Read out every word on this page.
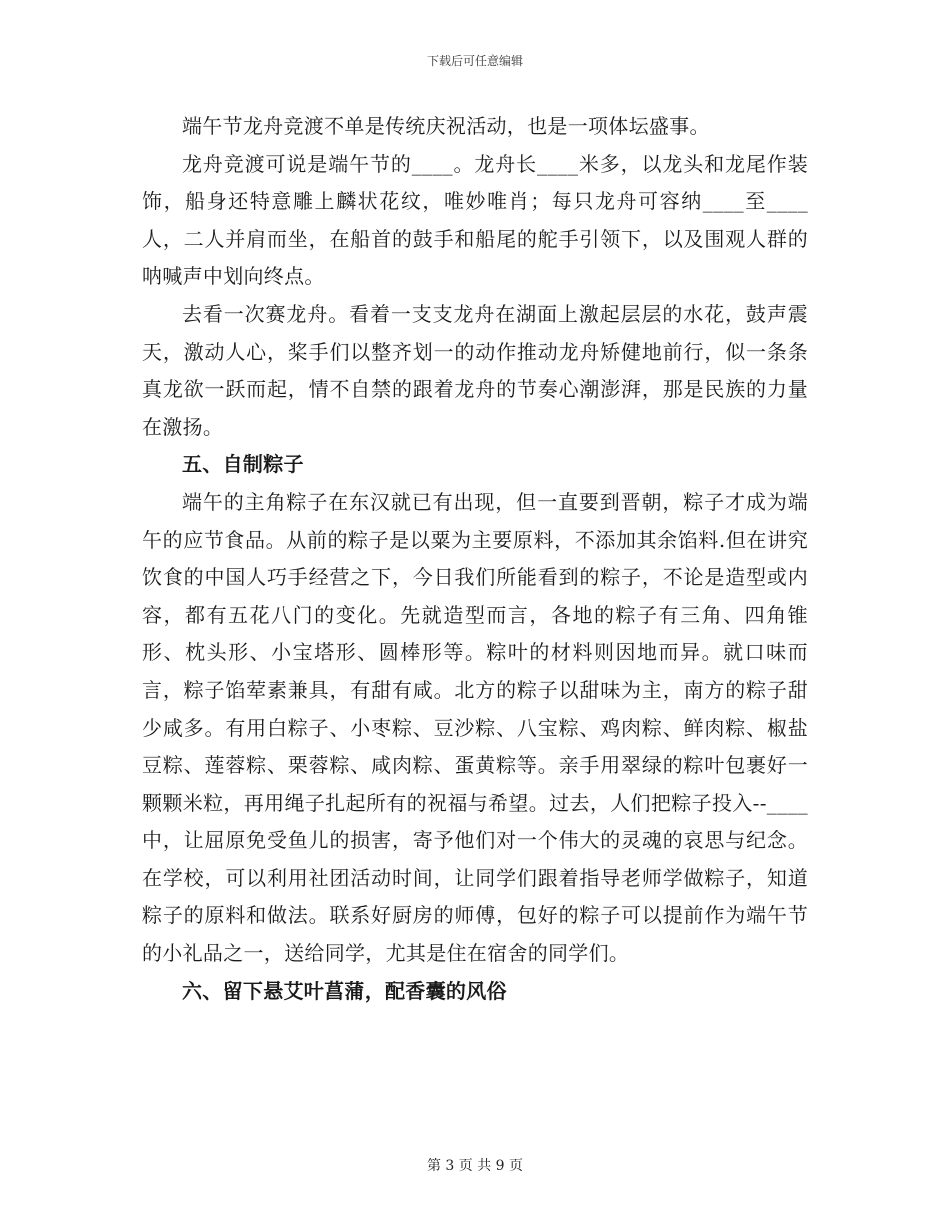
下载后可任意编辑

端午节龙舟竞渡不单是传统庆祝活动，也是一项体坛盛事。

龙舟竞渡可说是端午节的____。龙舟长____米多，以龙头和龙尾作装饰，船身还特意雕上麟状花纹，唯妙唯肖；每只龙舟可容纳____至____人，二人并肩而坐，在船首的鼓手和船尾的舵手引领下，以及围观人群的呐喊声中划向终点。

去看一次赛龙舟。看着一支支龙舟在湖面上激起层层的水花，鼓声震天，激动人心，桨手们以整齐划一的动作推动龙舟矫健地前行，似一条条真龙欲一跃而起，情不自禁的跟着龙舟的节奏心潮澎湃，那是民族的力量在激扬。

五、自制粽子

端午的主角粽子在东汉就已有出现，但一直要到晋朝，粽子才成为端午的应节食品。从前的粽子是以粟为主要原料，不添加其余馅料.但在讲究饮食的中国人巧手经营之下，今日我们所能看到的粽子，不论是造型或内容，都有五花八门的变化。先就造型而言，各地的粽子有三角、四角锥形、枕头形、小宝塔形、圆棒形等。粽叶的材料则因地而异。就口味而言，粽子馅荤素兼具，有甜有咸。北方的粽子以甜味为主，南方的粽子甜少咸多。有用白粽子、小枣粽、豆沙粽、八宝粽、鸡肉粽、鲜肉粽、椒盐豆粽、莲蓉粽、栗蓉粽、咸肉粽、蛋黄粽等。亲手用翠绿的粽叶包裹好一颗颗米粒，再用绳子扎起所有的祝福与希望。过去，人们把粽子投入--____中，让屈原免受鱼儿的损害，寄予他们对一个伟大的灵魂的哀思与纪念。在学校，可以利用社团活动时间，让同学们跟着指导老师学做粽子，知道粽子的原料和做法。联系好厨房的师傅，包好的粽子可以提前作为端午节的小礼品之一，送给同学，尤其是住在宿舍的同学们。

六、留下悬艾叶菖蒲，配香囊的风俗

第 3 页 共 9 页
